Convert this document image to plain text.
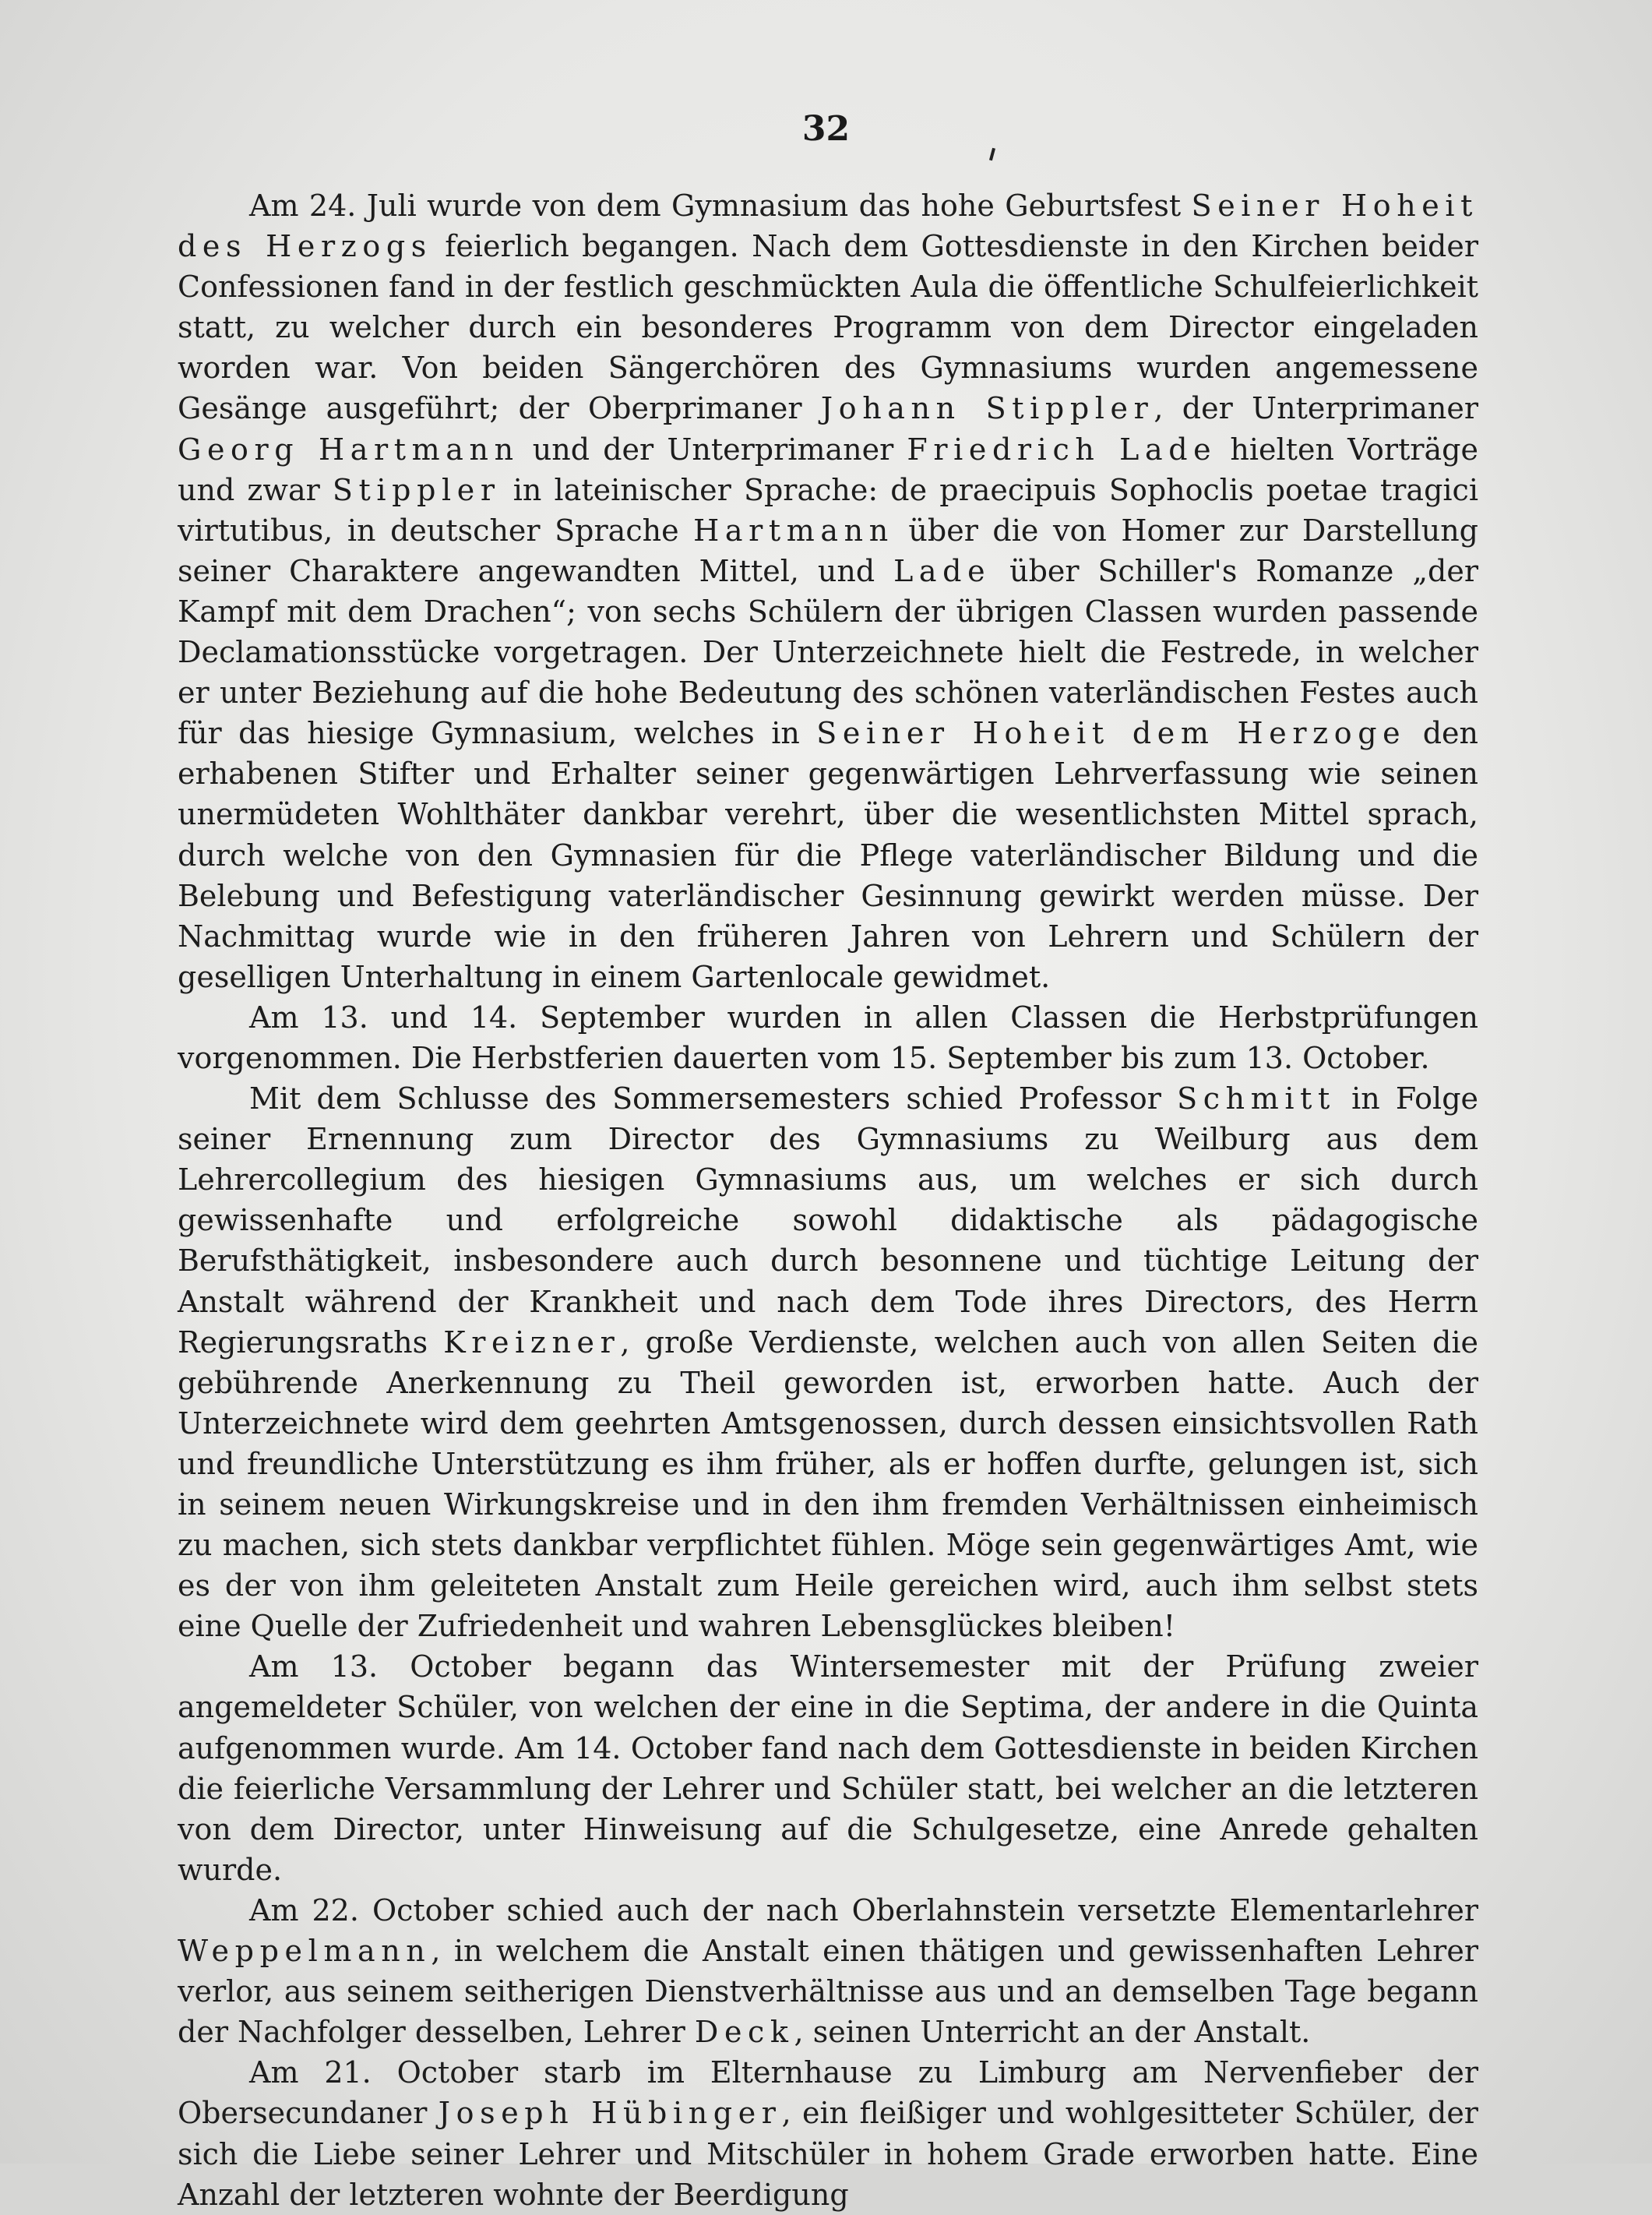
32

Am 24. Juli wurde von dem Gymnasium das hohe Geburtsfest Seiner Hoheit des Herzogs feierlich begangen. Nach dem Gottesdienste in den Kirchen beider Confessionen fand in der festlich geschmückten Aula die öffentliche Schulfeierlichkeit statt, zu welcher durch ein besonderes Programm von dem Director eingeladen worden war. Von beiden Sängerchören des Gymnasiums wurden angemessene Gesänge ausgeführt; der Oberprimaner Johann Stippler, der Unterprimaner Georg Hartmann und der Unterprimaner Friedrich Lade hielten Vorträge und zwar Stippler in lateinischer Sprache: de praecipuis Sophoclis poetae tragici virtutibus, in deutscher Sprache Hartmann über die von Homer zur Darstellung seiner Charaktere angewandten Mittel, und Lade über Schiller's Romanze „der Kampf mit dem Drachen“; von sechs Schülern der übrigen Classen wurden passende Declamationsstücke vorgetragen. Der Unterzeichnete hielt die Festrede, in welcher er unter Beziehung auf die hohe Bedeutung des schönen vaterländischen Festes auch für das hiesige Gymnasium, welches in Seiner Hoheit dem Herzoge den erhabenen Stifter und Erhalter seiner gegenwärtigen Lehrverfassung wie seinen unermüdeten Wohlthäter dankbar verehrt, über die wesentlichsten Mittel sprach, durch welche von den Gymnasien für die Pflege vaterländischer Bildung und die Belebung und Befestigung vaterländischer Gesinnung gewirkt werden müsse. Der Nachmittag wurde wie in den früheren Jahren von Lehrern und Schülern der geselligen Unterhaltung in einem Gartenlocale gewidmet.

Am 13. und 14. September wurden in allen Classen die Herbstprüfungen vorgenommen. Die Herbstferien dauerten vom 15. September bis zum 13. October.

Mit dem Schlusse des Sommersemesters schied Professor Schmitt in Folge seiner Ernennung zum Director des Gymnasiums zu Weilburg aus dem Lehrercollegium des hiesigen Gymnasiums aus, um welches er sich durch gewissenhafte und erfolgreiche sowohl didaktische als pädagogische Berufsthätigkeit, insbesondere auch durch besonnene und tüchtige Leitung der Anstalt während der Krankheit und nach dem Tode ihres Directors, des Herrn Regierungsraths Kreizner, große Verdienste, welchen auch von allen Seiten die gebührende Anerkennung zu Theil geworden ist, erworben hatte. Auch der Unterzeichnete wird dem geehrten Amtsgenossen, durch dessen einsichtsvollen Rath und freundliche Unterstützung es ihm früher, als er hoffen durfte, gelungen ist, sich in seinem neuen Wirkungskreise und in den ihm fremden Verhältnissen einheimisch zu machen, sich stets dankbar verpflichtet fühlen. Möge sein gegenwärtiges Amt, wie es der von ihm geleiteten Anstalt zum Heile gereichen wird, auch ihm selbst stets eine Quelle der Zufriedenheit und wahren Lebensglückes bleiben!

Am 13. October begann das Wintersemester mit der Prüfung zweier angemeldeter Schüler, von welchen der eine in die Septima, der andere in die Quinta aufgenommen wurde. Am 14. October fand nach dem Gottesdienste in beiden Kirchen die feierliche Versammlung der Lehrer und Schüler statt, bei welcher an die letzteren von dem Director, unter Hinweisung auf die Schulgesetze, eine Anrede gehalten wurde.

Am 22. October schied auch der nach Oberlahnstein versetzte Elementarlehrer Weppelmann, in welchem die Anstalt einen thätigen und gewissenhaften Lehrer verlor, aus seinem seitherigen Dienstverhältnisse aus und an demselben Tage begann der Nachfolger desselben, Lehrer Deck, seinen Unterricht an der Anstalt.

Am 21. October starb im Elternhause zu Limburg am Nervenfieber der Obersecundaner Joseph Hübinger, ein fleißiger und wohlgesitteter Schüler, der sich die Liebe seiner Lehrer und Mitschüler in hohem Grade erworben hatte. Eine Anzahl der letzteren wohnte der Beerdigung
